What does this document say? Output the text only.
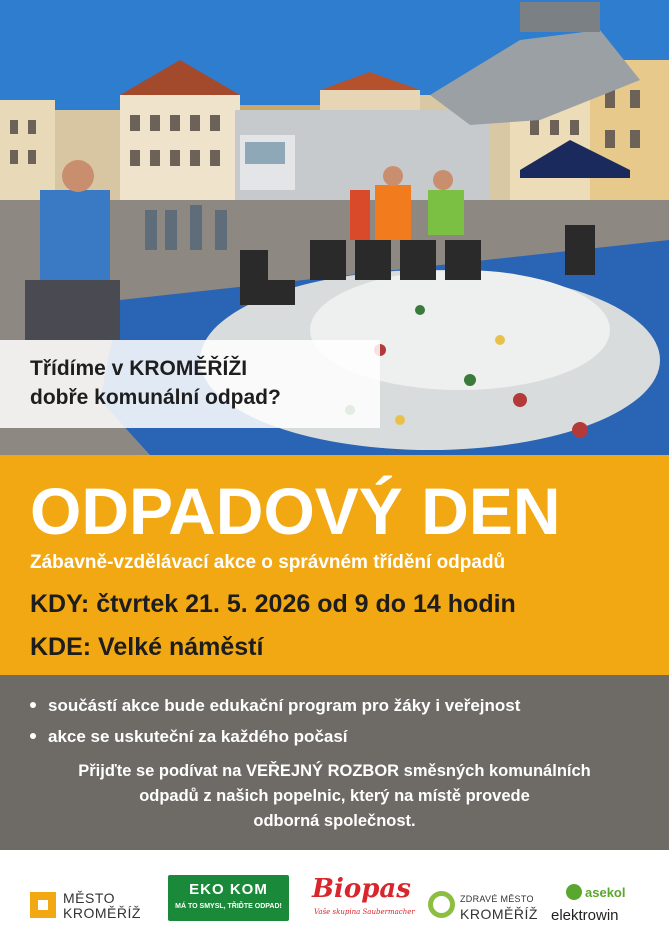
Třídíme v KROMĚŘÍŽI
dobře komunální odpad?
ODPADOVÝ DEN
Zábavně-vzdělávací akce o správném třídění odpadů
KDY: čtvrtek 21. 5. 2026 od 9 do 14 hodin
KDE: Velké náměstí
součástí akce bude edukační program pro žáky i veřejnost
akce se uskuteční za každého počasí

Přijďte se podívat na VEŘEJNÝ ROZBOR směsných komunálních

odpadů z našich popelnic, který na místě provede

odborná společnost.

MĚSTO
KROMĚŘÍŽ
EKO KOM
MÁ TO SMYSL, TŘIĎTE ODPAD!
Biopas
Vaše skupina Saubermacher
ZDRAVÉ MĚSTO
KROMĚŘÍŽ
asekol
elektrowin
